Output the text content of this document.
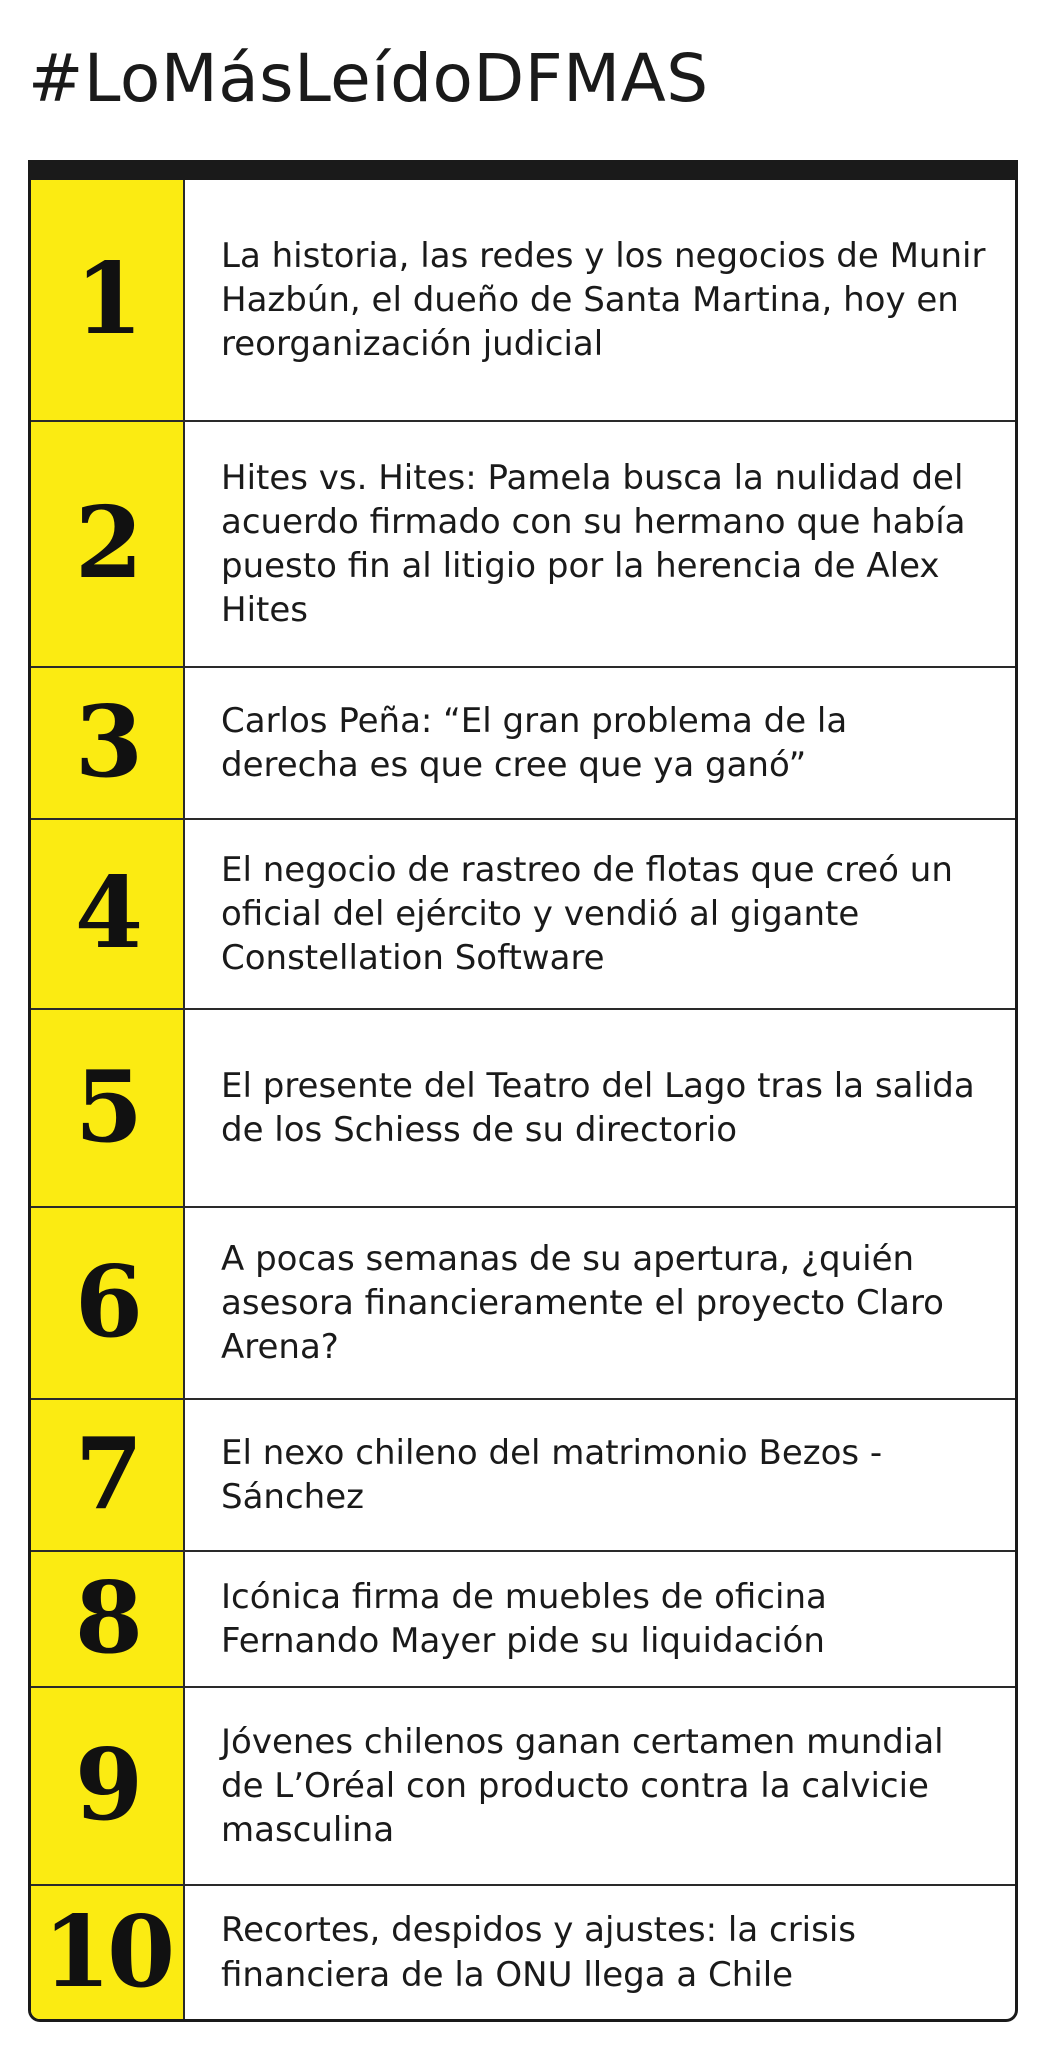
#LoMásLeídoDFMAS
1 La historia, las redes y los negocios de Munir Hazbún, el dueño de Santa Martina, hoy en reorganización judicial
2
Hites vs. Hites: Pamela busca la nulidad del acuerdo firmado con su hermano que había puesto fin al litigio por la herencia de Alex Hites
3 Carlos Peña: “El gran problema de la derecha es que cree que ya ganó”
4 El negocio de rastreo de flotas que creó un oficial del ejército y vendió al gigante Constellation Software
5 El presente del Teatro del Lago tras la salida de los Schiess de su directorio
6 A pocas semanas de su apertura, ¿quién asesora financieramente el proyecto Claro Arena?
7 El nexo chileno del matrimonio Bezos - Sánchez
8 Icónica firma de muebles de oficina Fernando Mayer pide su liquidación
9 Jóvenes chilenos ganan certamen mundial de L’Oréal con producto contra la calvicie masculina
10 Recortes, despidos y ajustes: la crisis financiera de la ONU llega a Chile
